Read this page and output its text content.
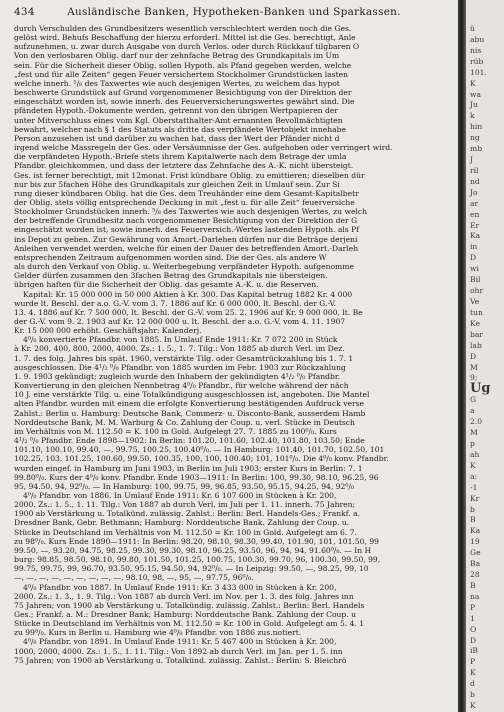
434	Ausländische Banken, Hypotheken-Banken und Sparkassen.

durch Verschulden des Grundbesitzers wesentlich verschlechtert werden noch die Ges.

gelöst wird. Behufs Beschaffung der hierzu erforderl. Mittel ist die Ges. berechtigt, Anle

aufzunehmen, u. zwar durch Ausgabe von durch Verlos. oder durch Rückkauf tilgbaren O

Von den verlosbaren Oblig. darf nur der zehnfache Betrag des Grundkapitals im Um

sein. Für die Sicherheit dieser Oblig. sollen Hypoth. als Pfand gegeben werden, welche

„fest und für alle Zeiten“ gegen Feuer versichertem Stockholmer Grundstücken lasten

welche innerh. ⁵/₈ des Taxwertes wie auch desjenigen Wertes, zu welchem das hypot

beschwerte Grundstück auf Grund vorgenommener Besichtigung von der Direktion der

eingeschätzt worden ist, sowie innerh. des Feuerversicherungswertes gewährt sind. Die

pfändeten Hypoth.-Dokumente werden, getrennt von den übrigen Wertpapieren der

unter Mitverschluss eines vom Kgl. Oberstatthalter-Amt ernannten Bevollmächtigten

bewahrt, welcher nach § 1 des Statuts als dritte das verpfändete Wertobjekt innehabe

Person anzusehen ist und darüber zu wachen hat, dass der Wert der Pfänder nicht d

irgend welche Massregeln der Ges. oder Versäumnisse der Ges. aufgehoben oder verringert wird.

die verpfändeten Hypoth.-Briefe stets ihrem Kapitalwerte nach dem Betrage der umla

Pfandbr. gleichkommen, und dass der letztere das Zehnfache des A.-K. nicht übersteigt.

Ges. ist ferner berechtigt, mit 12monat. Frist kündbare Oblig. zu emittieren; dieselben dür

nur bis zur 5fachen Höhe des Grundkapitals zur gleichen Zeit in Umlauf sein. Zur Si

rung dieser kündbaren Oblig. hat die Ges. dem Treuhänder eine dem Gesamt-Kapitalbetr

der Oblig. stets völlig entsprechende Deckung in mit „fest u. für alle Zeit“ feuerversiche

Stockholmer Grundstücken innerh. ⁵/₈ des Taxwertes wie auch desjenigen Wertes, zu welch

der betreffende Grundbesitz nach vorgenommener Besichtigung von der Direktion der G

eingeschätzt worden ist, sowie innerh. des Feuerversich.-Wertes lastenden Hypoth. als Pf

ins Depot zu geben. Zur Gewährung von Amort.-Darlehen dürfen nur die Beträge derjeni

Anleihen verwendet werden, welche für einen der Dauer des betreffenden Amort.-Darleh

entsprechenden Zeitraum aufgenommen worden sind. Die der Ges. als andere W

als durch den Verkauf von Oblig. u. Weiterbegebung verpfändeter Hypoth. aufgenomme

Gelder dürfen zusammen den 3fachen Betrag des Grundkapitals nie übersteigen.

übrigen haften für die Sicherheit der Oblig. das gesamte A.-K. u. die Reserven.

Kapital: Kr. 15 000 000 in 50 000 Aktien à Kr. 300. Das Kapital betrug 1882 Kr. 4 000

wurde lt. Beschl. der a.o. G.-V. vom 3. 7. 1886 auf Kr. 6 000 000, lt. Beschl. der G.-V.

13. 4. 1886 auf Kr. 7 500 000, lt. Beschl. der G.-V. vom 25. 2. 1906 auf Kr. 9 000 000, lt. Be

der G.-V. vom 9. 2. 1903 auf Kr. 12 000 000 u. lt. Beschl. der a.o. G.-V. vom 4. 11. 1907

Kr. 15 000 000 erhöht. Geschäftsjahr: Kalenderj.

4⁰/₀ konvertierte Pfandbr. von 1885. In Umlauf Ende 1911: Kr. 7 072 200 in Stück

à Kr. 200, 400, 800, 2000, 4000. Zs.: 1. 5., 1. 7. Tilg.: Von 1885 ab durch Verl. im Dez.

1. 7. des folg. Jahres bis spät. 1960, verstärkte Tilg. oder Gesamtrückzahlung bis 1. 7. 1

ausgeschlossen. Die 4¹/₂ ⁰/₀ Pfandbr. von 1885 wurden im Febr. 1903 zur Rückzahlung

1. 9. 1903 gekündigt; zugleich wurde den Inhabern der gekündigten 4¹/₂ ⁰/₀ Pfandbr.

Konvertierung in den gleichen Nennbetrag 4⁰/₀ Pfandbr., für welche während der näch

10 J. eine verstärkte Tilg. u. eine Totalkündigung ausgeschlossen ist, angeboten. Die Mantel

alten Pfandbr. wurden mit einem die erfolgte Konvertierung bestätigenden Aufdruck verse

Zahlst.: Berlin u. Hamburg: Deutsche Bank, Commerz- u. Disconto-Bank, ausserdem Hamb

Norddeutsche Bank, M. M. Warburg & Co. Zahlung der Coup. u. verl. Stücke in Deutsch

im Verhältnis von M. 112.50 = K. 100 in Gold. Aufgelegt 27. 7. 1885 zu 100⁰/₀. Kurs

4¹/₂ ⁰/₀ Pfandbr. Ende 1898—1902: In Berlin: 101.20, 101.60, 102.40, 101.80, 103.50; Ende

101.10, 100.10, 99.40, —, 99.75, 100.25, 100.40⁰/₀. — In Hamburg: 101.40, 101.70, 102.50, 101

102.25, 103, 101.25, 100.60, 99.50, 100.35, 100, 100, 100.40; 101, 101⁰/₀. Die 4⁰/₀ konv. Pfandbr.

wurden eingef. in Hamburg im Juni 1903, in Berlin im Juli 1903; erster Kurs in Berlin: 7. 1

99.80⁰/₀. Kurs der 4⁰/₀ konv. Pfandbr. Ende 1903—1911: In Berlin: 100, 99.30, 98.10, 96.25, 96

95, 94.50, 94, 92⁰/₀. — In Hamburg: 100, 99.75, 99, 96.85, 93.50, 95.15, 94.25, 94, 92⁰/₀

4⁰/₀ Pfandbr. von 1886. In Umlauf Ende 1911: Kr. 6 107 600 in Stücken à Kr. 200,

2000. Zs.: 1. 5., 1. 11. Tilg.: Von 1887 ab durch Verl. im Juli per 1. 11. innerh. 75 Jahren;

1900 ab Verstärkung u. Totalkünd. zulässig. Zahlst.: Berlin: Berl. Handels-Ges.; Frankf. a.

Dresdner Bank, Gebr. Bethmann; Hamburg: Norddeutsche Bank. Zahlung der Coup. u.

Stücke in Deutschland im Verhältnis von M. 112.50 = Kr. 100 in Gold. Aufgelegt am 6. 7.

zu 98⁰/₀. Kurs Ende 1890—1911: In Berlin: 98.20, 98.10, 98.30, 99.40, 101.90, 101, 101.50, 99

99.50, —, 93.20, 94.75, 98.25, 99.30, 99.30, 98.10, 96.25, 93.50, 96, 94, 94, 91.60⁰/₀. — In H

burg: 98.85, 98.50, 98.10, 99.80, 101.50, 101.25, 100.75, 100.30, 99.70, 96, 100.30, 99.50, 99,

99.75, 99.75, 99, 96.70, 93.50, 95.15, 94.50, 94, 92⁰/₀. — In Leipzig: 99.50, —, 98.25, 99, 10

—, —, —, —, —, —, —, —, —, 98.10, 98, —, 95, —, 97.75, 96⁰/₀.

4⁰/₀ Pfandbr. von 1887. In Umlauf Ende 1911: Kr. 3 433 000 in Stücken à Kr. 200,

2000. Zs.: 1. 3., 1. 9. Tilg.: Von 1887 ab durch Verl. im Nov. per 1. 3. des folg. Jahres inn

75 Jahren; von 1900 ab Verstärkung u. Totalkündig. zulässig. Zahlst.: Berlin: Berl. Handels

Ges.; Frankf. a. M.: Dresdner Bank; Hamburg: Norddeutsche Bank. Zahlung der Coup. u

Stücke in Deutschland im Verhältnis von M. 112.50 = Kr. 100 in Gold. Aufgelegt am 5. 4. 1

zu 99⁰/₀. Kurs in Berlin u. Hamburg wie 4⁰/₀ Pfandbr. von 1886 zus.notiert.

4⁰/₀ Pfandbr. von 1891. In Umlauf Ende 1911: Kr. 5 467 400 in Stücken à Kr. 200,

1000, 2000, 4000. Zs.: 1. 5., 1. 11. Tilg.: Von 1892 ab durch Verl. im Jan. per 1. 5. inn

75 Jahren; von 1900 ab Verstärkung u. Totalkünd. zulässig. Zahlst.: Berlin: S. Bleichrö

ü
abu
nis
rüb
101.
K
wa
Ju
k
hin
ng
mb
J
ril
nd
Jo
ar
en
Er
Ka
in
D
wi
Bil
ohr
Ve
tun
Ke
bar
lab
D
M
9;
Ug
G
a
2.0
M
p
ah
K
a:
-1
Kr
b
B
Ka
19
Ge
Ba
28
B
na
P
1
O
D
iB
P
K
d
b
K
